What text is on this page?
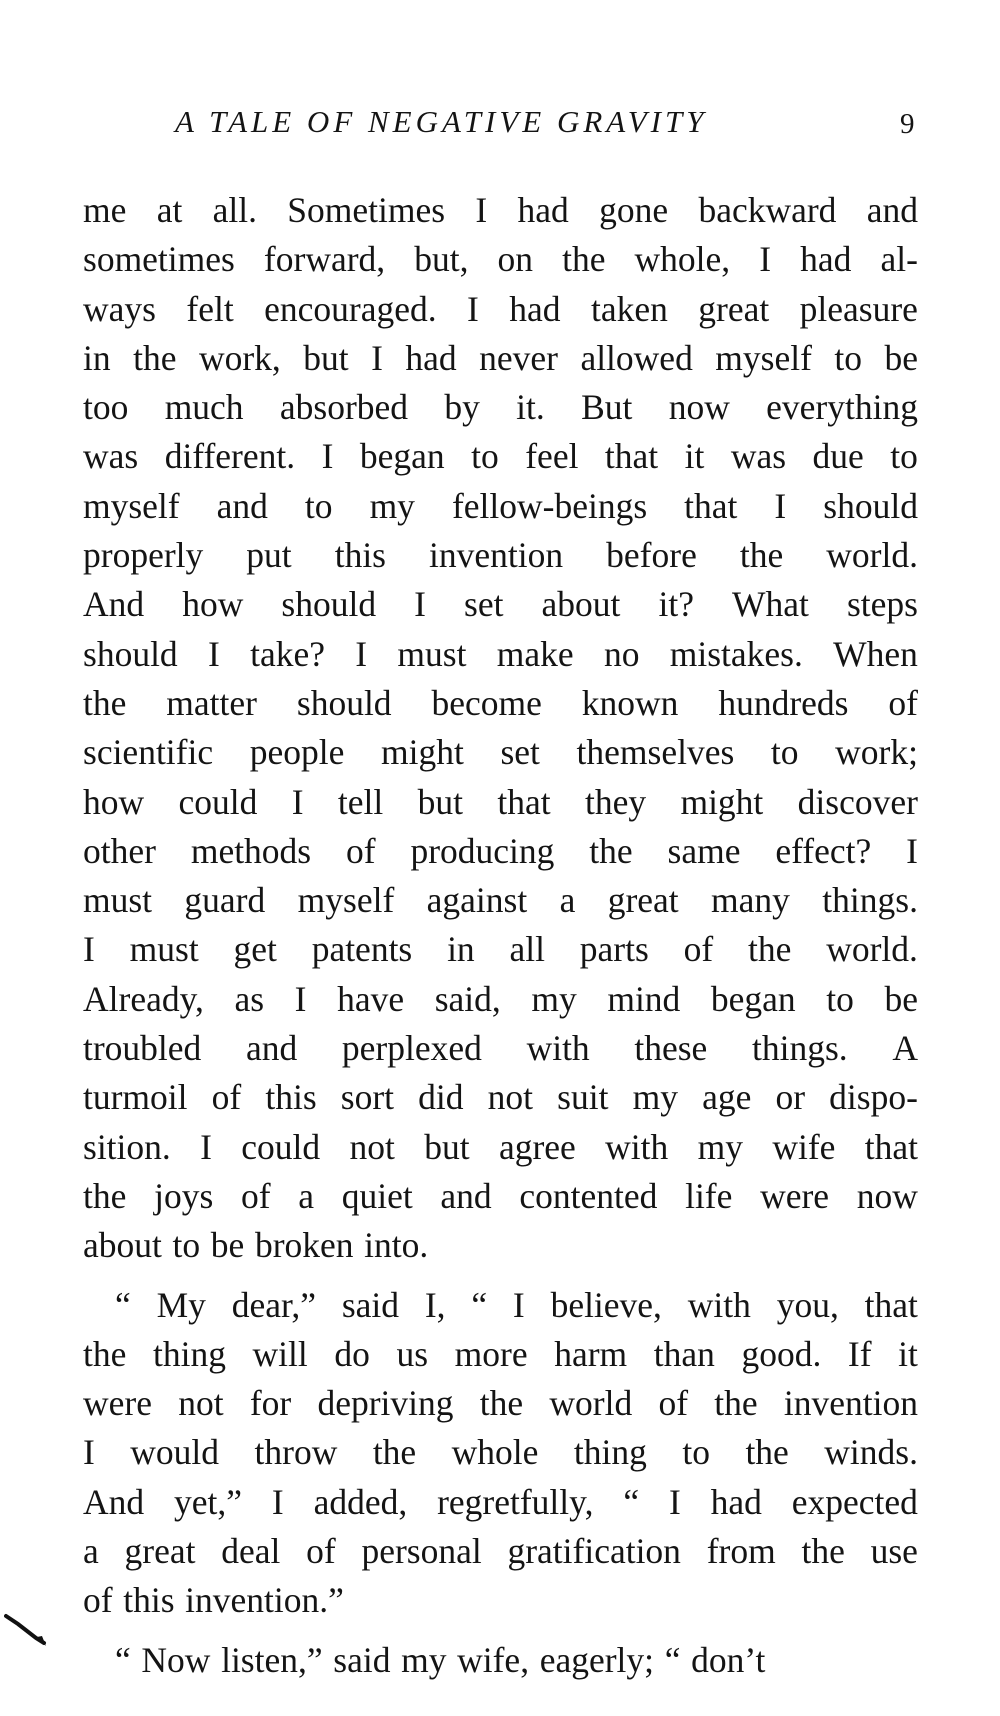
A TALE OF NEGATIVE GRAVITY	9
me at all. Sometimes I had gone backward and
sometimes forward, but, on the whole, I had al-
ways felt encouraged. I had taken great pleasure
in the work, but I had never allowed myself to be
too much absorbed by it. But now everything
was different. I began to feel that it was due to
myself and to my fellow-beings that I should
properly put this invention before the world.
And how should I set about it? What steps
should I take? I must make no mistakes. When
the matter should become known hundreds of
scientific people might set themselves to work;
how could I tell but that they might discover
other methods of producing the same effect? I
must guard myself against a great many things.
I must get patents in all parts of the world.
Already, as I have said, my mind began to be
troubled and perplexed with these things. A
turmoil of this sort did not suit my age or dispo-
sition. I could not but agree with my wife that
the joys of a quiet and contented life were now
about to be broken into.
“ My dear,” said I, “ I believe, with you, that
the thing will do us more harm than good. If it
were not for depriving the world of the invention
I would throw the whole thing to the winds.
And yet,” I added, regretfully, “ I had expected
a great deal of personal gratification from the use
of this invention.”
“ Now listen,” said my wife, eagerly; “ don’t
